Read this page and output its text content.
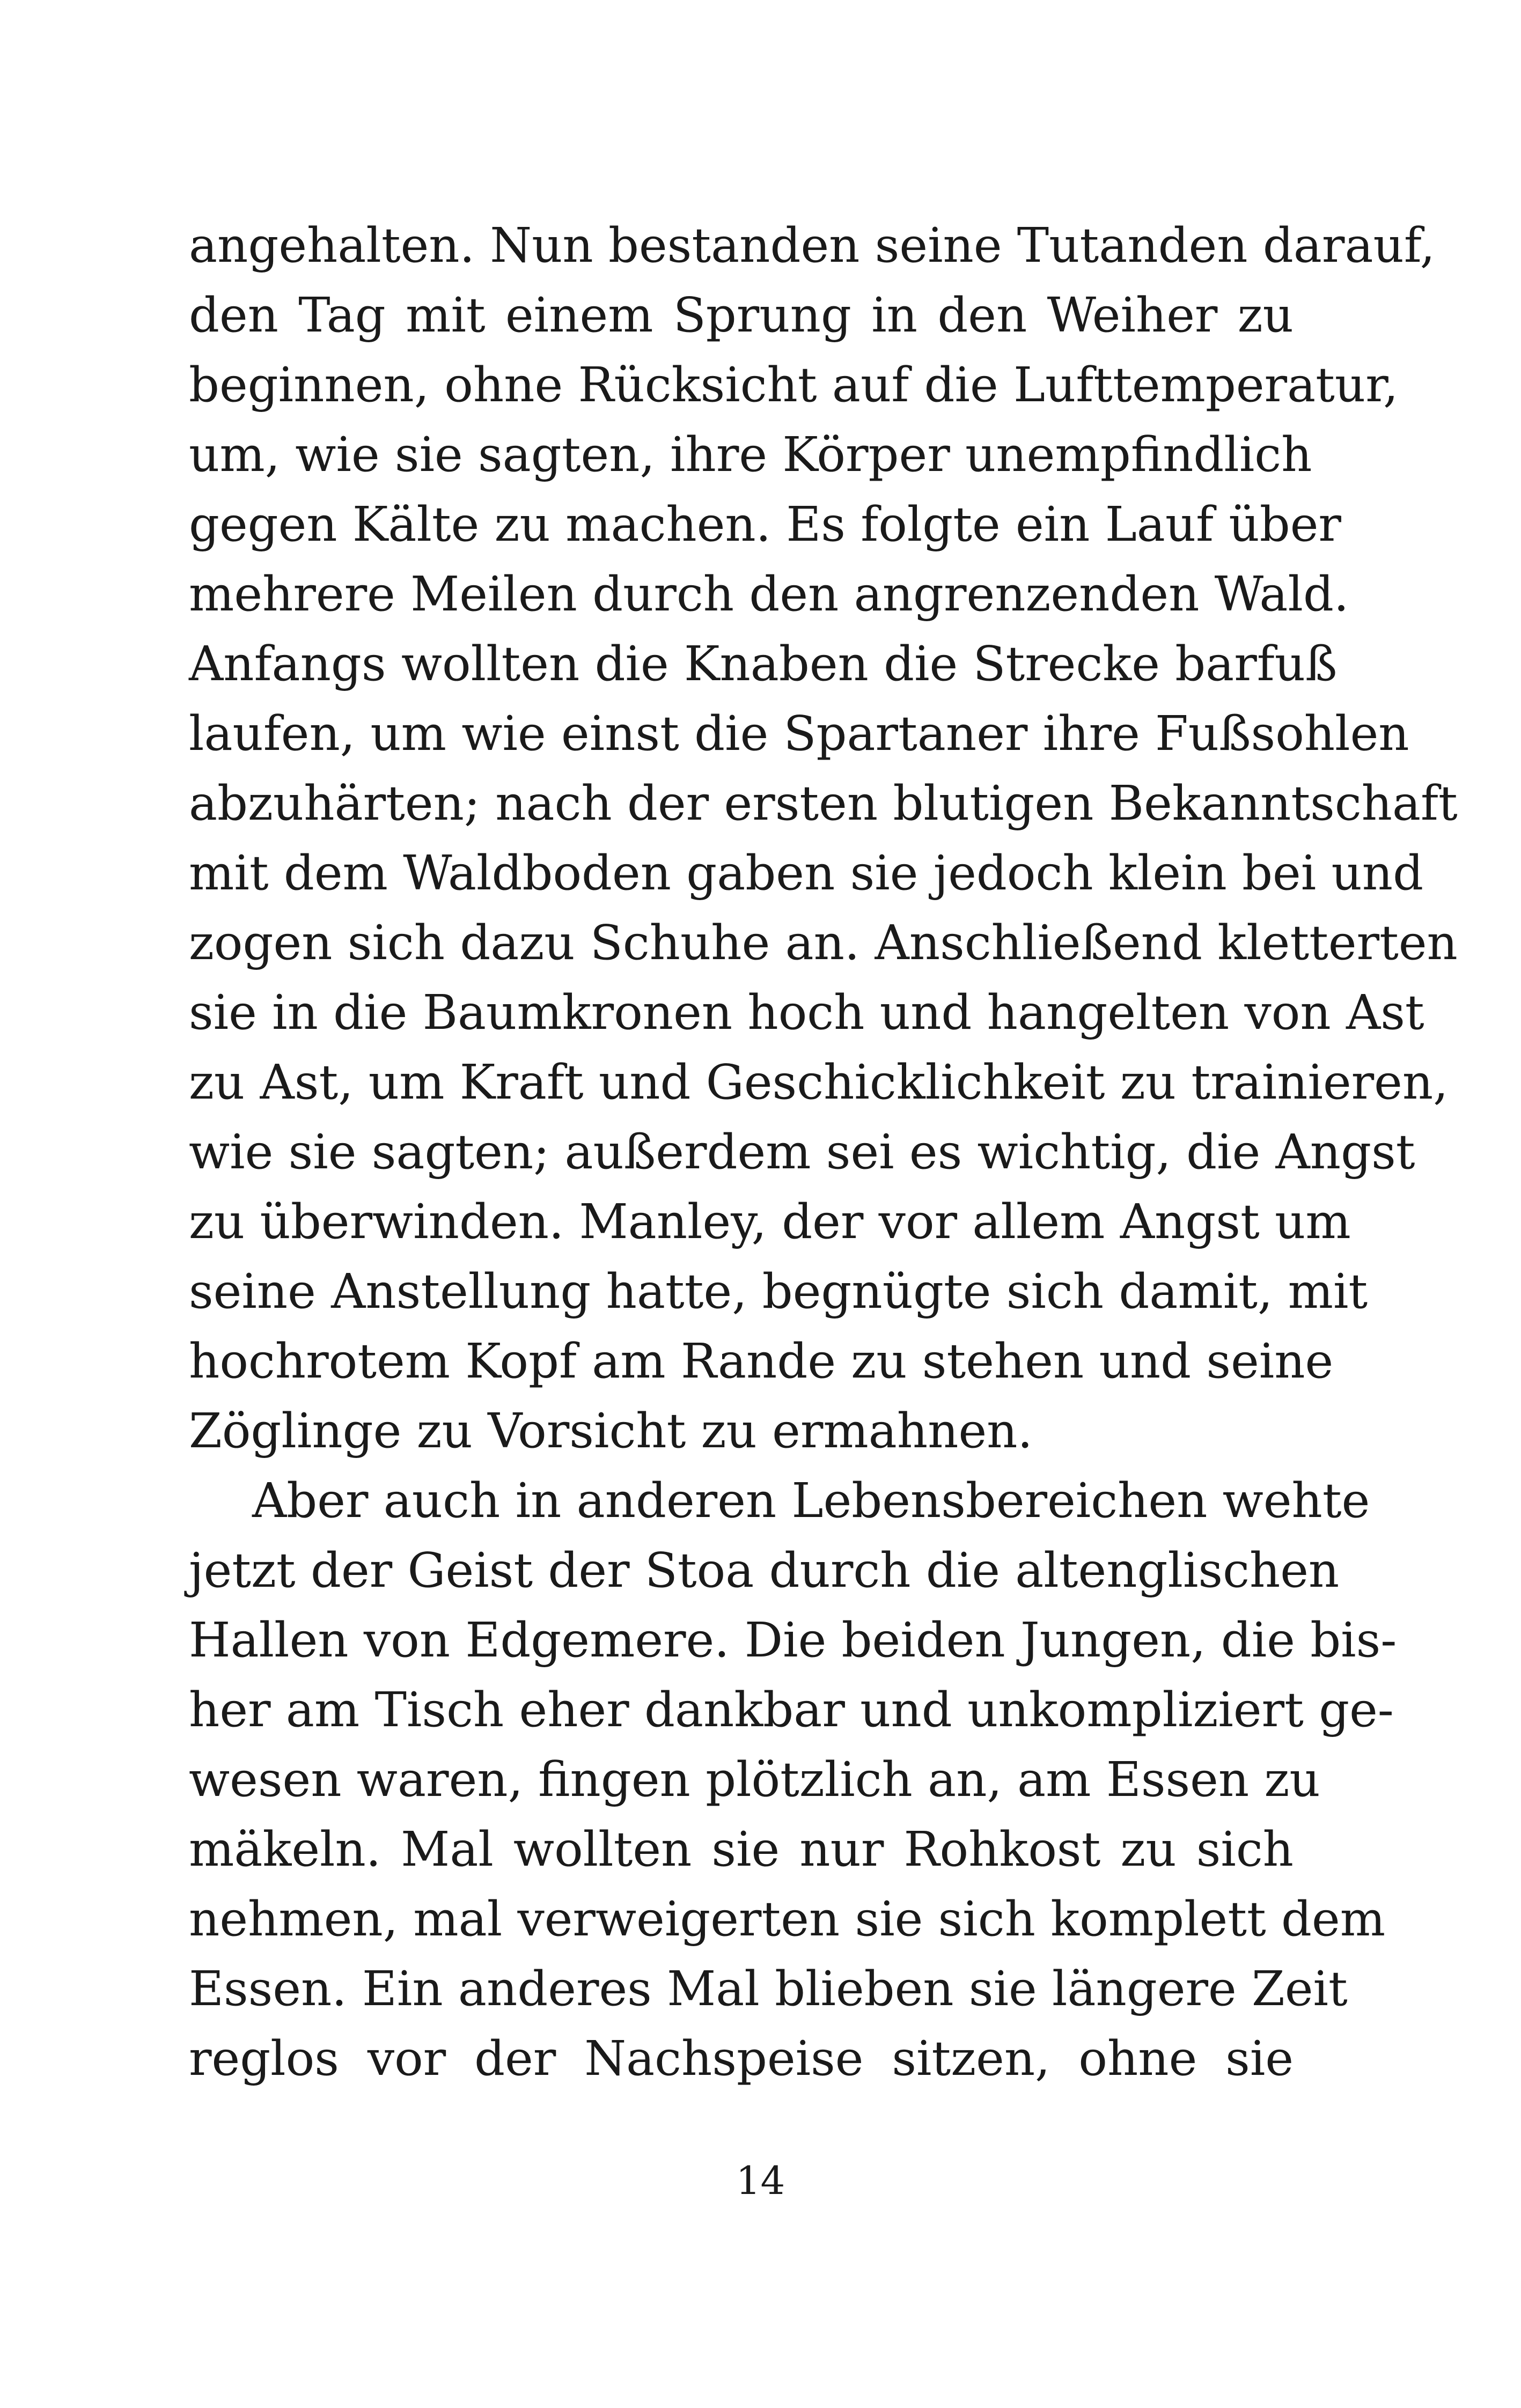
angehalten. Nun bestanden seine Tutanden darauf,
den Tag mit einem Sprung in den Weiher zu
beginnen, ohne Rücksicht auf die Lufttemperatur,
um, wie sie sagten, ihre Körper unempfindlich
gegen Kälte zu machen. Es folgte ein Lauf über
mehrere Meilen durch den angrenzenden Wald.
Anfangs wollten die Knaben die Strecke barfuß
laufen, um wie einst die Spartaner ihre Fußsohlen
abzuhärten; nach der ersten blutigen Bekanntschaft
mit dem Waldboden gaben sie jedoch klein bei und
zogen sich dazu Schuhe an. Anschließend kletterten
sie in die Baumkronen hoch und hangelten von Ast
zu Ast, um Kraft und Geschicklichkeit zu trainieren,
wie sie sagten; außerdem sei es wichtig, die Angst
zu überwinden. Manley, der vor allem Angst um
seine Anstellung hatte, begnügte sich damit, mit
hochrotem Kopf am Rande zu stehen und seine
Zöglinge zu Vorsicht zu ermahnen.
Aber auch in anderen Lebensbereichen wehte
jetzt der Geist der Stoa durch die altenglischen
Hallen von Edgemere. Die beiden Jungen, die bis-
her am Tisch eher dankbar und unkompliziert ge-
wesen waren, fingen plötzlich an, am Essen zu
mäkeln. Mal wollten sie nur Rohkost zu sich
nehmen, mal verweigerten sie sich komplett dem
Essen. Ein anderes Mal blieben sie längere Zeit
reglos vor der Nachspeise sitzen, ohne sie
14
